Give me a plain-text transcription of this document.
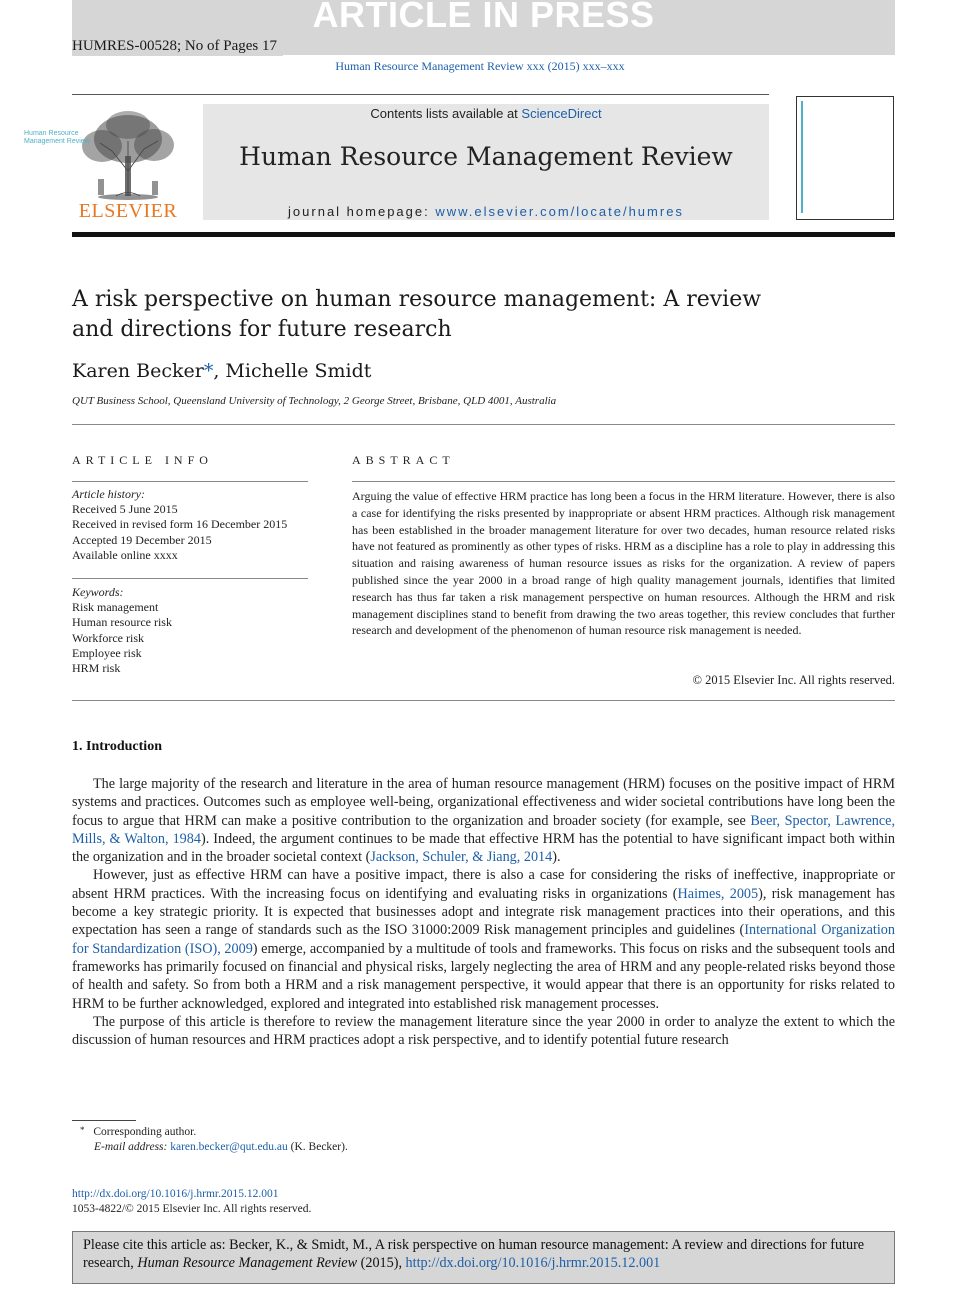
ARTICLE IN PRESS
HUMRES-00528; No of Pages 17
Human Resource Management Review xxx (2015) xxx–xxx
ELSEVIER
Contents lists available at ScienceDirect
Human Resource Management Review
journal homepage: www.elsevier.com/locate/humres
Human Resource Management Review
A risk perspective on human resource management: A review and directions for future research
Karen Becker*, Michelle Smidt
QUT Business School, Queensland University of Technology, 2 George Street, Brisbane, QLD 4001, Australia
ARTICLE INFO
Article history:
Received 5 June 2015
Received in revised form 16 December 2015
Accepted 19 December 2015
Available online xxxx
Keywords:
Risk management
Human resource risk
Workforce risk
Employee risk
HRM risk
ABSTRACT
Arguing the value of effective HRM practice has long been a focus in the HRM literature. However, there is also a case for identifying the risks presented by inappropriate or absent HRM practices. Although risk management has been established in the broader management literature for over two decades, human resource related risks have not featured as prominently as other types of risks. HRM as a discipline has a role to play in addressing this situation and raising awareness of human resource issues as risks for the organization. A review of papers published since the year 2000 in a broad range of high quality management journals, identifies that limited research has thus far taken a risk management perspective on human resources. Although the HRM and risk management disciplines stand to benefit from drawing the two areas together, this review concludes that further research and development of the phenomenon of human resource risk management is needed.
© 2015 Elsevier Inc. All rights reserved.
1. Introduction

The large majority of the research and literature in the area of human resource management (HRM) focuses on the positive impact of HRM systems and practices. Outcomes such as employee well-being, organizational effectiveness and wider societal contributions have long been the focus to argue that HRM can make a positive contribution to the organization and broader society (for example, see Beer, Spector, Lawrence, Mills, & Walton, 1984). Indeed, the argument continues to be made that effective HRM has the potential to have significant impact both within the organization and in the broader societal context (Jackson, Schuler, & Jiang, 2014).

However, just as effective HRM can have a positive impact, there is also a case for considering the risks of ineffective, inappropriate or absent HRM practices. With the increasing focus on identifying and evaluating risks in organizations (Haimes, 2005), risk management has become a key strategic priority. It is expected that businesses adopt and integrate risk management practices into their operations, and this expectation has seen a range of standards such as the ISO 31000:2009 Risk management principles and guidelines (International Organization for Standardization (ISO), 2009) emerge, accompanied by a multitude of tools and frameworks. This focus on risks and the subsequent tools and frameworks has primarily focused on financial and physical risks, largely neglecting the area of HRM and any people-related risks beyond those of health and safety. So from both a HRM and a risk management perspective, it would appear that there is an opportunity for risks related to HRM to be further acknowledged, explored and integrated into established risk management processes.

The purpose of this article is therefore to review the management literature since the year 2000 in order to analyze the extent to which the discussion of human resources and HRM practices adopt a risk perspective, and to identify potential future research

* Corresponding author.
E-mail address: karen.becker@qut.edu.au (K. Becker).
http://dx.doi.org/10.1016/j.hrmr.2015.12.001
1053-4822/© 2015 Elsevier Inc. All rights reserved.
Please cite this article as: Becker, K., & Smidt, M., A risk perspective on human resource management: A review and directions for future research, Human Resource Management Review (2015), http://dx.doi.org/10.1016/j.hrmr.2015.12.001
